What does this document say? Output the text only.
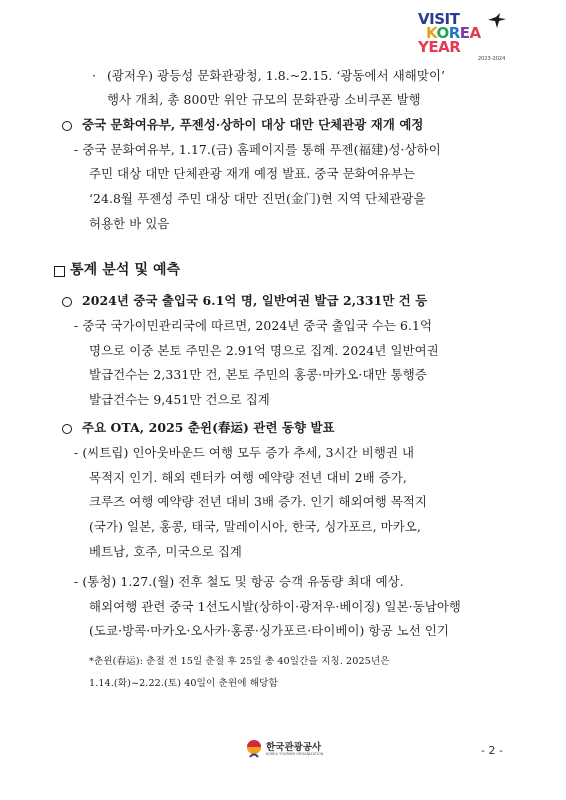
VISIT
KOREA
YEAR
2023-2024
· (광저우) 광등성 문화관광청, 1.8.~2.15. ‘광동에서 새해맞이’
행사 개최, 총 800만 위안 규모의 문화관광 소비쿠폰 발행
중국 문화여유부, 푸젠성·상하이 대상 대만 단체관광 재개 예정
- 중국 문화여유부, 1.17.(금) 홈페이지를 통해 푸젠(福建)성·상하이
주민 대상 대만 단체관광 재개 예정 발표. 중국 문화여유부는
‘24.8월 푸젠성 주민 대상 대만 진먼(金门)현 지역 단체관광을
허용한 바 있음
통계 분석 및 예측
2024년 중국 출입국 6.1억 명, 일반여권 발급 2,331만 건 등
- 중국 국가이민관리국에 따르면, 2024년 중국 출입국 수는 6.1억
명으로 이중 본토 주민은 2.91억 명으로 집계. 2024년 일반여권
발급건수는 2,331만 건, 본토 주민의 홍콩·마카오·대만 통행증
발급건수는 9,451만 건으로 집계
주요 OTA, 2025 춘윈(春运) 관련 동향 발표
- (씨트립) 인아웃바운드 여행 모두 증가 추세, 3시간 비행권 내
목적지 인기. 해외 렌터카 여행 예약량 전년 대비 2배 증가,
크루즈 여행 예약량 전년 대비 3배 증가. 인기 해외여행 목적지
(국가) 일본, 홍콩, 태국, 말레이시아, 한국, 싱가포르, 마카오,
베트남, 호주, 미국으로 집계
- (통청) 1.27.(월) 전후 철도 및 항공 승객 유동량 최대 예상.
해외여행 관련 중국 1선도시발(상하이·광저우·베이징) 일본·동남아행
(도쿄·방콕·마카오·오사카·홍콩·싱가포르·타이베이) 항공 노선 인기
*춘윈(春运): 춘절 전 15일 춘절 후 25일 총 40일간을 지칭. 2025년은
1.14.(화)~2.22.(토) 40일이 춘윈에 해당함
한국관광공사
KOREA TOURISM ORGANIZATION	- 2 -
